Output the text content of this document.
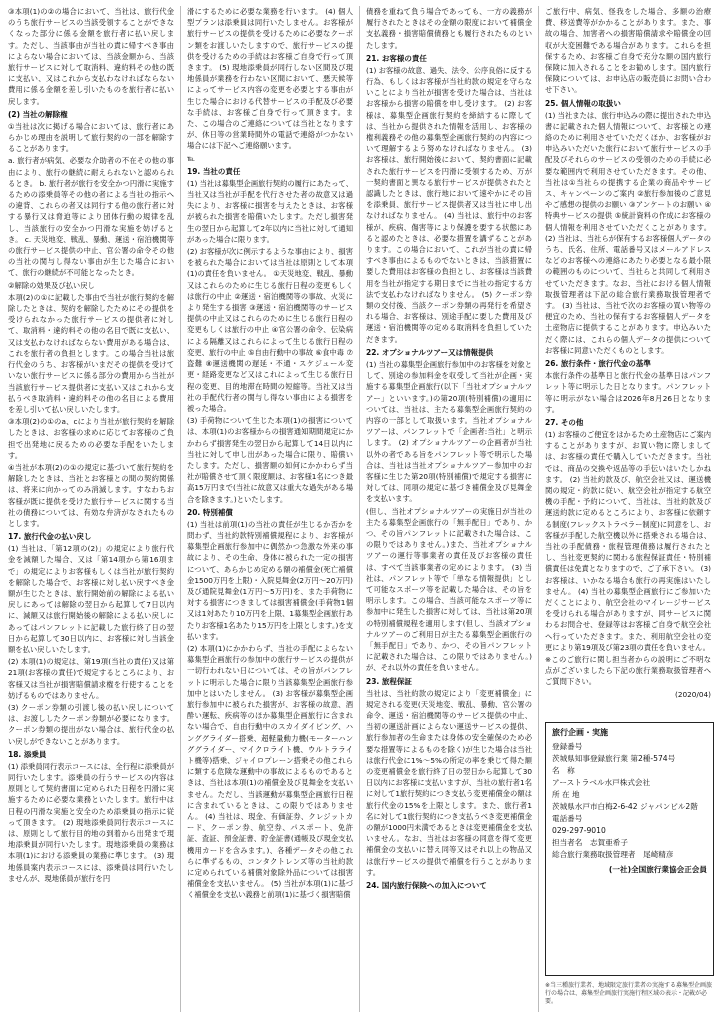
③本項(1)の②の場合において、当社は、旅行代金のうち旅行サービスの当該受領することができなくなった部分に係る金額を旅行者に払い戻します。ただし、当該事由が当社の責に帰すべき事由によらない場合においては、当該金額から、当該旅行サービスに対して取消料、違約料その他の既に支払い、又はこれから支払わなければならない費用に係る金額を差し引いたものを旅行者に払い戻します。

(2) 当社の解除権

①当社は次に掲げる場合においては、旅行者にあらかじめ理由を説明して旅行契約の一部を解除することがあります。

a. 旅行者が病気、必要な介助者の不在その他の事由により、旅行の継続に耐えられないと認められるとき。 b. 旅行者が旅行を安全かつ円滑に実施するための添乗員等その他の者による当社の指示への違背、これらの者又は同行する他の旅行者に対する暴行又は脅迫等により団体行動の規律を乱し、当該旅行の安全かつ円滑な実施を妨げるとき。 c. 天災地変、戦乱、暴動、運送・宿泊機関等の旅行サービス提供の中止、官公署の命令その他の当社の関与し得ない事由が生じた場合において、旅行の継続が不可能となったとき。

②解除の効果及び払い戻し

本項(2)の①に記載した事由で当社が旅行契約を解除したときは、契約を解除したためにその提供を受けられなかった旅行サービスの提供者に対して、取消料・違約料その他の名目で既に支払い、又は支払わなければならない費用がある場合は、これを旅行者の負担とします。この場合当社は旅行代金のうち、お客様がいまだその提供を受けていない旅行サービスに係る部分の費用から当社が当該旅行サービス提供者に支払い又はこれから支払うべき取消料・違約料その他の名目による費用を差し引いて払い戻しいたします。

③本項(2)の①のa、cにより当社が旅行契約を解除したときは、お客様の求めに応じてお客様のご負担で出発地に戻るための必要な手配をいたします。

④当社が本項(2)の①の規定に基づいて旅行契約を解除したときは、当社とお客様との間の契約関係は、将来に向かってのみ消滅します。すなわちお客様が既に提供を受けた旅行サービスに関する当社の債務については、有効な弁済がなされたものとします。

17. 旅行代金の払い戻し

(1) 当社は、「第12項の(2)」の規定により旅行代金を減額した場合、又は「第14項から第16項まで」の規定によりお客様もしくは当社が旅行契約を解除した場合で、お客様に対し払い戻すべき金額が生じたときは、旅行開始前の解除による払い戻しにあっては解除の翌日から起算して7日以内に、減額又は旅行開始後の解除による払い戻しにあってはパンフレットに記載した旅行終了日の翌日から起算して30日以内に、お客様に対し当該金額を払い戻しいたします。

(2) 本項(1)の規定は、第19項(当社の責任)又は第21項(お客様の責任)で規定するところにより、お客様又は当社が損害賠償請求権を行使することを妨げるものではありません。

(3) クーポン券類の引渡し後の払い戻しについては、お渡ししたクーポン券類が必要になります。クーポン券類の提出がない場合は、旅行代金の払い戻しができないことがあります。

18. 添乗員

(1) 添乗員同行表示コースには、全行程に添乗員が同行いたします。添乗員の行うサービスの内容は原則として契約書面に定められた日程を円滑に実施するために必要な業務といたします。旅行中は日程の円滑な実施と安全のため添乗員の指示に従って頂きます。 (2) 現地添乗員同行表示コースには、原則として旅行目的地の到着から出発まで現地添乗員が同行いたします。現地添乗員の業務は本項(1)における添乗員の業務に準じます。 (3) 現地係員案内表示コースには、添乗員は同行いたしませんが、現地係員が旅行を円

滑にするために必要な業務を行います。 (4) 個人型プランは添乗員は同行いたしません。お客様が旅行サービスの提供を受けるために必要なクーポン類をお渡しいたしますので、旅行サービスの提供を受けるための手続はお客様ご自身で行って頂きます。 (5) 現地添乗員が同行しない区間及び現地係員が業務を行わない区間において、悪天候等によってサービス内容の変更を必要とする事由が生じた場合における代替サービスの手配及び必要な手続は、お客様ご自身で行って頂きます。また、この場合のご連絡については当社となりますが、休日等の営業時間外の電話で連絡がつかない場合には下記へご連絡願います。

℡

19. 当社の責任

(1) 当社は募集型企画旅行契約の履行にあたって、当社又は当社が手配を代行させた者の故意又は過失により、お客様に損害を与えたときは、お客様が被られた損害を賠償いたします。ただし損害発生の翌日から起算して2年以内に当社に対して通知があった場合に限ります。

(2) お客様が次に例示するような事由により、損害を被られた場合においては当社は原則として本項(1)の責任を負いません。 ①天災地変、戦乱、暴動又はこれらのために生じる旅行日程の変更もしくは旅行の中止 ②運送・宿泊機関等の事故、火災により発生する損害 ③運送・宿泊機関等のサービス提供の中止又はこれらのために生じる旅行日程の変更もしくは旅行の中止 ④官公署の命令、伝染病による隔離又はこれらによって生じる旅行日程の変更、旅行の中止 ⑤自由行動中の事故 ⑥食中毒 ⑦盗難 ⑧運送機関の遅延・不通・スケジュール変更・経路変更など又はこれによって生じる旅行日程の変更、目的地滞在時間の短縮等。当社又は当社の手配代行者の関与し得ない事由による損害を被った場合。

(3) 手荷物について生じた本項(1)の損害については、本項(1)のお客様からの損害通知期間規定にかかわらず損害発生の翌日から起算して14日以内に当社に対して申し出があった場合に限り、賠償いたします。ただし、損害額の如何にかかわらず当社が賠償させて頂く限度額は、お客様1名につき最高15万円まで(当社に故意又は重大な過失がある場合を除きます。)といたします。

20. 特別補償

(1) 当社は前項(1)の当社の責任が生じるか否かを問わず、当社約款特別補償規程により、お客様が募集型企画旅行参加中に偶然かつ急激な外来の事故により、その生命、身体に被られた一定の損害について、あらかじめ定める額の補償金(死亡補償金1500万円を上限)・入院見舞金(2万円〜20万円)及び通院見舞金(1万円〜5万円)を、また手荷物に対する損害につきましては損害補償金(手荷物1個又は1対あたり10万円を上限、1募集型企画旅行あたりお客様1名あたり15万円を上限とします。)を支払います。

(2) 本項(1)にかかわらず、当社の手配によらない募集型企画旅行の参加中の旅行サービスの提供が一切行われない日については、その旨がパンフレットに明示した場合に限り当該募集型企画旅行参加中とはいたしません。 (3) お客様が募集型企画旅行参加中に被られた損害が、お客様の故意、酒酔い運転、疾病等のほか募集型企画旅行に含まれない場合で、自由行動中のスカイダイビング、ハンググライダー搭乗、超軽量動力機(モーターハンググライダー、マイクロライト機、ウルトラライト機等)搭乗、ジャイロプレーン搭乗その他これらに類する危険な運動中の事故によるものであるときは、当社は本項(1)の補償金及び見舞金を支払いません。ただし、当該運動が募集型企画旅行日程に含まれているときは、この限りではありません。 (4) 当社は、現金、有価証券、クレジットカード、クーポン券、航空券、パスポート、免許証、査証、預金証書、貯金証書(通帳及び現金支払機用カードを含みます。)、各種データその他これらに準ずるもの、コンタクトレンズ等の当社約款に定められている補償対象除外品については損害補償金を支払いません。 (5) 当社が本項(1)に基づく補償金を支払い義務と前項(1)に基づく損害賠償

債務を重ねて負う場合であっても、一方の義務が履行されたときはその金額の限度において補償金支払義務・損害賠償債務とも履行されたものといたします。

21. お客様の責任

(1) お客様の故意、過失、法令、公序良俗に反する行為、もしくはお客様が当社約款の規定を守らないことにより当社が損害を受けた場合は、当社はお客様から損害の賠償を申し受けます。 (2) お客様は、募集型企画旅行契約を締結するに際しては、当社から提供された情報を活用し、お客様の権利義務その他の募集型企画旅行契約の内容について理解するよう努めなければなりません。 (3) お客様は、旅行開始後において、契約書面に記載された旅行サービスを円滑に受領するため、万が一契約書面と異なる旅行サービスが提供されたと認識したときは、旅行地において速やかにその旨を添乗員、旅行サービス提供者又は当社に申し出なければなりません。 (4) 当社は、旅行中のお客様が、疾病、傷害等により保護を要する状態にあると認めたときは、必要な措置を講ずることがあります。この場合において、これが当社の責に帰すべき事由によるものでないときは、当該措置に要した費用はお客様の負担とし、お客様は当該費用を当社が指定する期日までに当社の指定する方法で支払わなければなりません。 (5) クーポン券類の交付後、当該クーポン券類の再発行を希望される場合、お客様は、別途手配に要した費用及び運送・宿泊機関等の定める取消料を負担していただきます。

22. オプショナルツアー又は情報提供

(1) 当社の募集型企画旅行参加中のお客様を対象として、別途の参加料金を収受して当社が企画・実施する募集型企画旅行(以下「当社オプショナルツアー」といいます。)の第20項(特別補償)の適用については、当社は、主たる募集型企画旅行契約の内容の一部として取扱います。当社オプショナルツアーは、パンフレットで「企画者:当社」と明示します。 (2) オプショナルツアーの企画者が当社以外の者である旨をパンフレット等で明示した場合は、当社は当社オプショナルツアー参加中のお客様に生じた第20項(特別補償)で規定する損害に対しては、同項の規定に基づき補償金及び見舞金を支払います。

(但し、当社オプショナルツアーの実施日が当社の主たる募集型企画旅行の「無手配日」であり、かつ、その旨パンフレットに記載された場合は、この限りではありません。)また、当社オプショナルツアーの運行等事業者の責任及びお客様の責任は、すべて当該事業者の定めによります。 (3) 当社は、パンフレット等で「単なる情報提供」として可能なスポーツ等を記載した場合は、その旨を明示します。この場合、当該可能なスポーツ等に参加中に発生した損害に対しては、当社は第20項の特別補償規程を適用します(但し、当該オプショナルツアーのご利用日が主たる募集型企画旅行の「無手配日」であり、かつ、その旨パンフレットに記載された場合は、この限りではありません。)が、それ以外の責任を負いません。

23. 旅程保証

当社は、当社約款の規定により「変更補償金」に規定される変更(天災地変、戦乱、暴動、官公署の命令、運送・宿泊機関等のサービス提供の中止、当初の運送計画によらない運送サービスの提供、旅行参加者の生命または身体の安全確保のため必要な措置等によるものを除く)が生じた場合は当社は旅行代金に1%〜5%の所定の率を乗じて得た額の変更補償金を旅行終了日の翌日から起算して30日以内にお客様に支払いますが、当社の旅行者1名に対して1旅行契約につき支払う変更補償金の額は旅行代金の15%を上限とします。また、旅行者1名に対して1旅行契約につき支払うべき変更補償金の額が1000円未満であるときは変更補償金を支払いません。なお、当社はお客様の同意を得て変更補償金の支払いに替え同等又はそれ以上の物品又は旅行サービスの提供で補償を行うことがあります。

24. 国内旅行保険への加入について

ご旅行中、病気、怪我をした場合、多額の治療費、移送費等がかかることがあります。また、事故の場合、加害者への損害賠償請求や賠償金の回収が大変困難である場合があります。これらを担保するため、お客様ご自身で充分な額の国内旅行保険に加入されることをお勧めします。国内旅行保険については、お申込店の販売員にお問い合わせ下さい。

25. 個人情報の取扱い

(1) 当社または、旅行申込みの際に提出された申込書に記載された個人情報について、お客様との連絡のために利用させていただくほか、お客様がお申込みいただいた旅行において旅行サービスの手配及びそれらのサービスの受領のための手続に必要な範囲内で利用させていただきます。その他、当社は①当社らの提携する企業の商品やサービス、キャンペーンのご案内 ②旅行参加後のご意見やご感想の提供のお願い ③アンケートのお願い ④特典サービスの提供 ⑤統計資料の作成にお客様の個人情報を利用させていただくことがあります。 (2) 当社は、当社らが保有するお客様個人データのうち、氏名、住所、電話番号又はメールアドレスなどのお客様への連絡にあたり必要となる最小限の範囲のものについて、当社らと共同して利用させていただきます。なお、当社における個人情報取扱管理者は下記の総合旅行業務取扱管理者です。 (3) 当社は、当社で次のお客様の買い物等の便宜のため、当社の保有するお客様個人データを土産物店に提供することがあります。申込みいただく際には、これらの個人データの提供についてお客様に同意いただくものとします。

26. 旅行条件・旅行代金の基準

本旅行条件の基準日と旅行代金の基準日はパンフレット等に明示した日となります。パンフレット等に明示がない場合は2026年8月26日となります。

27. その他

(1) お客様のご便宜をはかるため土産物店にご案内することがありますが、お買い物に際しましては、お客様の責任で購入していただきます。当社では、商品の交換や返品等の手伝いはいたしかねます。 (2) 当社約款及び、航空会社又は、運送機関の規定・約款に従い、航空会社が指定する航空機の手配・予約について、当社は、当社約款及び運送約款に定めるところにより、お客様に依頼する制度(フレックストラベラー制度)に同意をし、お客様が手配した航空機以外に搭乗される場合は、当社の手配債務・旅程管理債務は履行されたとし、当社変更契約に関わる旅程保証責任・特別補償責任は免責となりますので、ご了承下さい。 (3) お客様は、いかなる場合も旅行の再実施はいたしません。 (4) 当社の募集型企画旅行にご参加いただくことにより、航空会社のマイレージサービスを受けられる場合がありますが、同サービスに関わるお問合せ、登録等はお客様ご自身で航空会社へ行っていただきます。また、利用航空会社の変更により第19項及び第23項の責任を負いません。

※このご旅行に関し担当者からの説明にご不明な点がございましたら下記の旅行業務取扱管理者へご質問下さい。

(2020/04)

旅行企画・実施

登録番号

茨城県知事登録旅行業 第2種-574号

名　称

アーストラベル水戸株式会社

所 在 地

茨城県水戸市白梅2-6-42 ジャパンビル2階

電話番号

029-297-9010

担当者名　志賀亜希子

総合旅行業務取扱管理者　尾崎精彦

(一社)全国旅行業協会正会員

※当三種旅行業者、地域限定旅行業者の実施する募集型企画旅行の場合は、募集型企画旅行実施行程区域の表示・記載が必要。
